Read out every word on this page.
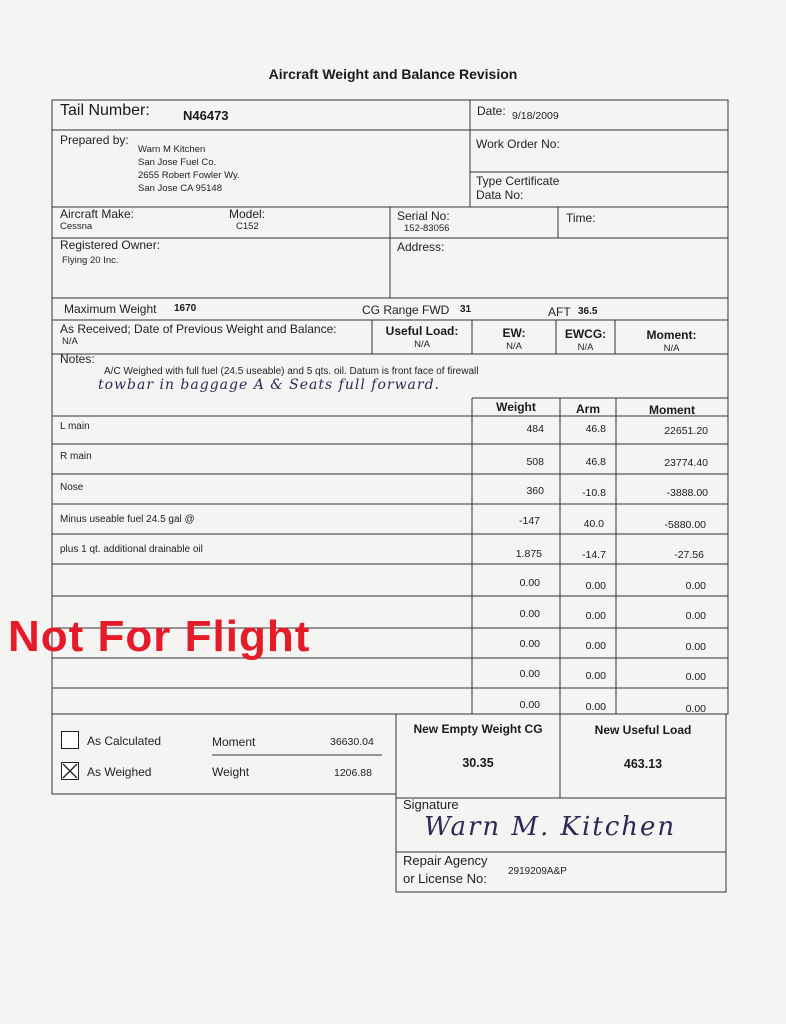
Aircraft Weight and Balance Revision
Tail Number:	N46473	Date: 9/18/2009
Prepared by:
Warn M Kitchen
San Jose Fuel Co.
2655 Robert Fowler Wy.
San Jose CA 95148
Work Order No:
Type Certificate
Data No:
Aircraft Make:
Cessna
Model:
C152
Serial No:
152-83056
Time:
Registered Owner:
Flying 20 Inc.
Address:
Maximum Weight 1670	CG Range FWD 31	AFT 36.5
As Received; Date of Previous Weight and Balance:
N/A
Useful Load:
N/A
EW:
N/A
EWCG:
N/A
Moment:
N/A
Notes:
A/C Weighed with full fuel (24.5 useable) and 5 qts. oil. Datum is front face of firewall
towbar in baggage A & Seats full forward.
Weight	Arm	Moment
L main	484	46.8	22651.20
R main	508	46.8	23774.40
Nose	360	-10.8	-3888.00
Minus useable fuel 24.5 gal @	-147	40.0	-5880.00
plus 1 qt. additional drainable oil	1.875	-14.7	-27.56
0.00	0.00	0.00
0.00	0.00	0.00
0.00	0.00	0.00
0.00	0.00	0.00
0.00	0.00	0.00
Not For Flight
As Calculated
As Weighed
Moment	36630.04
Weight	1206.88
New Empty Weight CG
30.35
New Useful Load
463.13
Signature
Warn M. Kitchen
Repair Agency
or License No: 2919209A&P
